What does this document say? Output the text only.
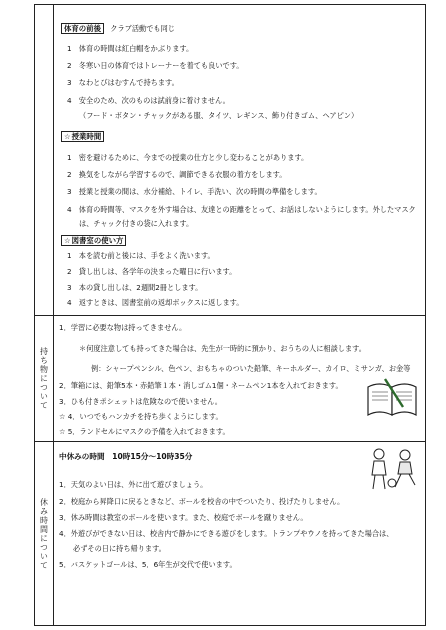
持ち物について
休み時間について
体育の前後 クラブ活動でも同じ
1　体育の時間は紅白帽をかぶります。
2　冬寒い日の体育ではトレーナーを着ても良いです。
3　なわとびはむすんで持ちます。
4　安全のため、次のものは試前身に着けません。
（フード・ボタン・チャックがある服、タイツ、レギンス、飾り付きゴム、ヘアピン）
☆授業時間
1　密を避けるために、今までの授業の仕方と少し変わることがあります。
2　換気をしながら学習するので、調節できる衣服の着方をします。
3　授業と授業の間は、水分補給、トイレ、手洗い、次の時間の準備をします。
4　体育の時間等、マスクを外す場合は、友達との距離をとって、お話はしないようにします。外したマスク
は、チャック付きの袋に入れます。
☆図書室の使い方
1　本を読む前と後には、手をよく洗います。
2　貸し出しは、各学年の決まった曜日に行います。
3　本の貸し出しは、2週間2冊とします。
4　返すときは、図書室前の返却ボックスに返します。
1．学習に必要な物は持ってきません。
＊何度注意しても持ってきた場合は、先生が一時的に預かり、おうちの人に相談します。
例：シャープペンシル、色ペン、おもちゃのついた鉛筆、キーホルダー、カイロ、ミサンガ、お金等
2．筆箱には、鉛筆5本・赤鉛筆１本・消しゴム1個・ネームペン1本を入れておきます。
3．ひも付きポシェットは危険なので使いません。
☆ 4．いつでもハンカチを持ち歩くようにします。
☆ 5．ランドセルにマスクの予備を入れておきます。
中休みの時間　10時15分～10時35分
1．天気のよい日は、外に出て遊びましょう。
2．校庭から昇降口に戻るときなど、ボールを校舎の中でついたり、投げたりしません。
3．休み時間は教室のボールを使います。また、校庭でボールを蹴りません。
4．外遊びができない日は、校舎内で静かにできる遊びをします。トランプやウノを持ってきた場合は、
必ずその日に持ち帰ります。
5．バスケットゴールは、5．6年生が交代で使います。
